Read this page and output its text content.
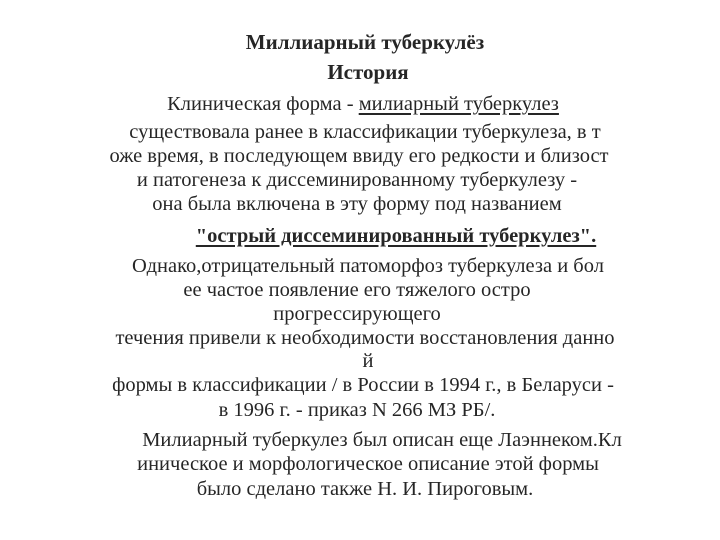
Миллиарный туберкулёз
История
Клиническая форма - милиарный туберкулез
существовала ранее в классификации туберкулеза, в т
оже время, в последующем ввиду его редкости и близост
и патогенеза к диссеминированному туберкулезу -
она была включена в эту форму под названием
"острый диссеминированный туберкулез".
Однако,отрицательный патоморфоз туберкулеза и бол
ее частое появление его тяжелого остро
прогрессирующего
течения привели к необходимости восстановления данно
й
формы в классификации / в России в 1994 г., в Беларуси -
в 1996 г. - приказ N 266 МЗ РБ/.
Милиарный туберкулез был описан еще Лаэннеком.Кл
иническое и морфологическое описание этой формы
было сделано также Н. И. Пироговым.
